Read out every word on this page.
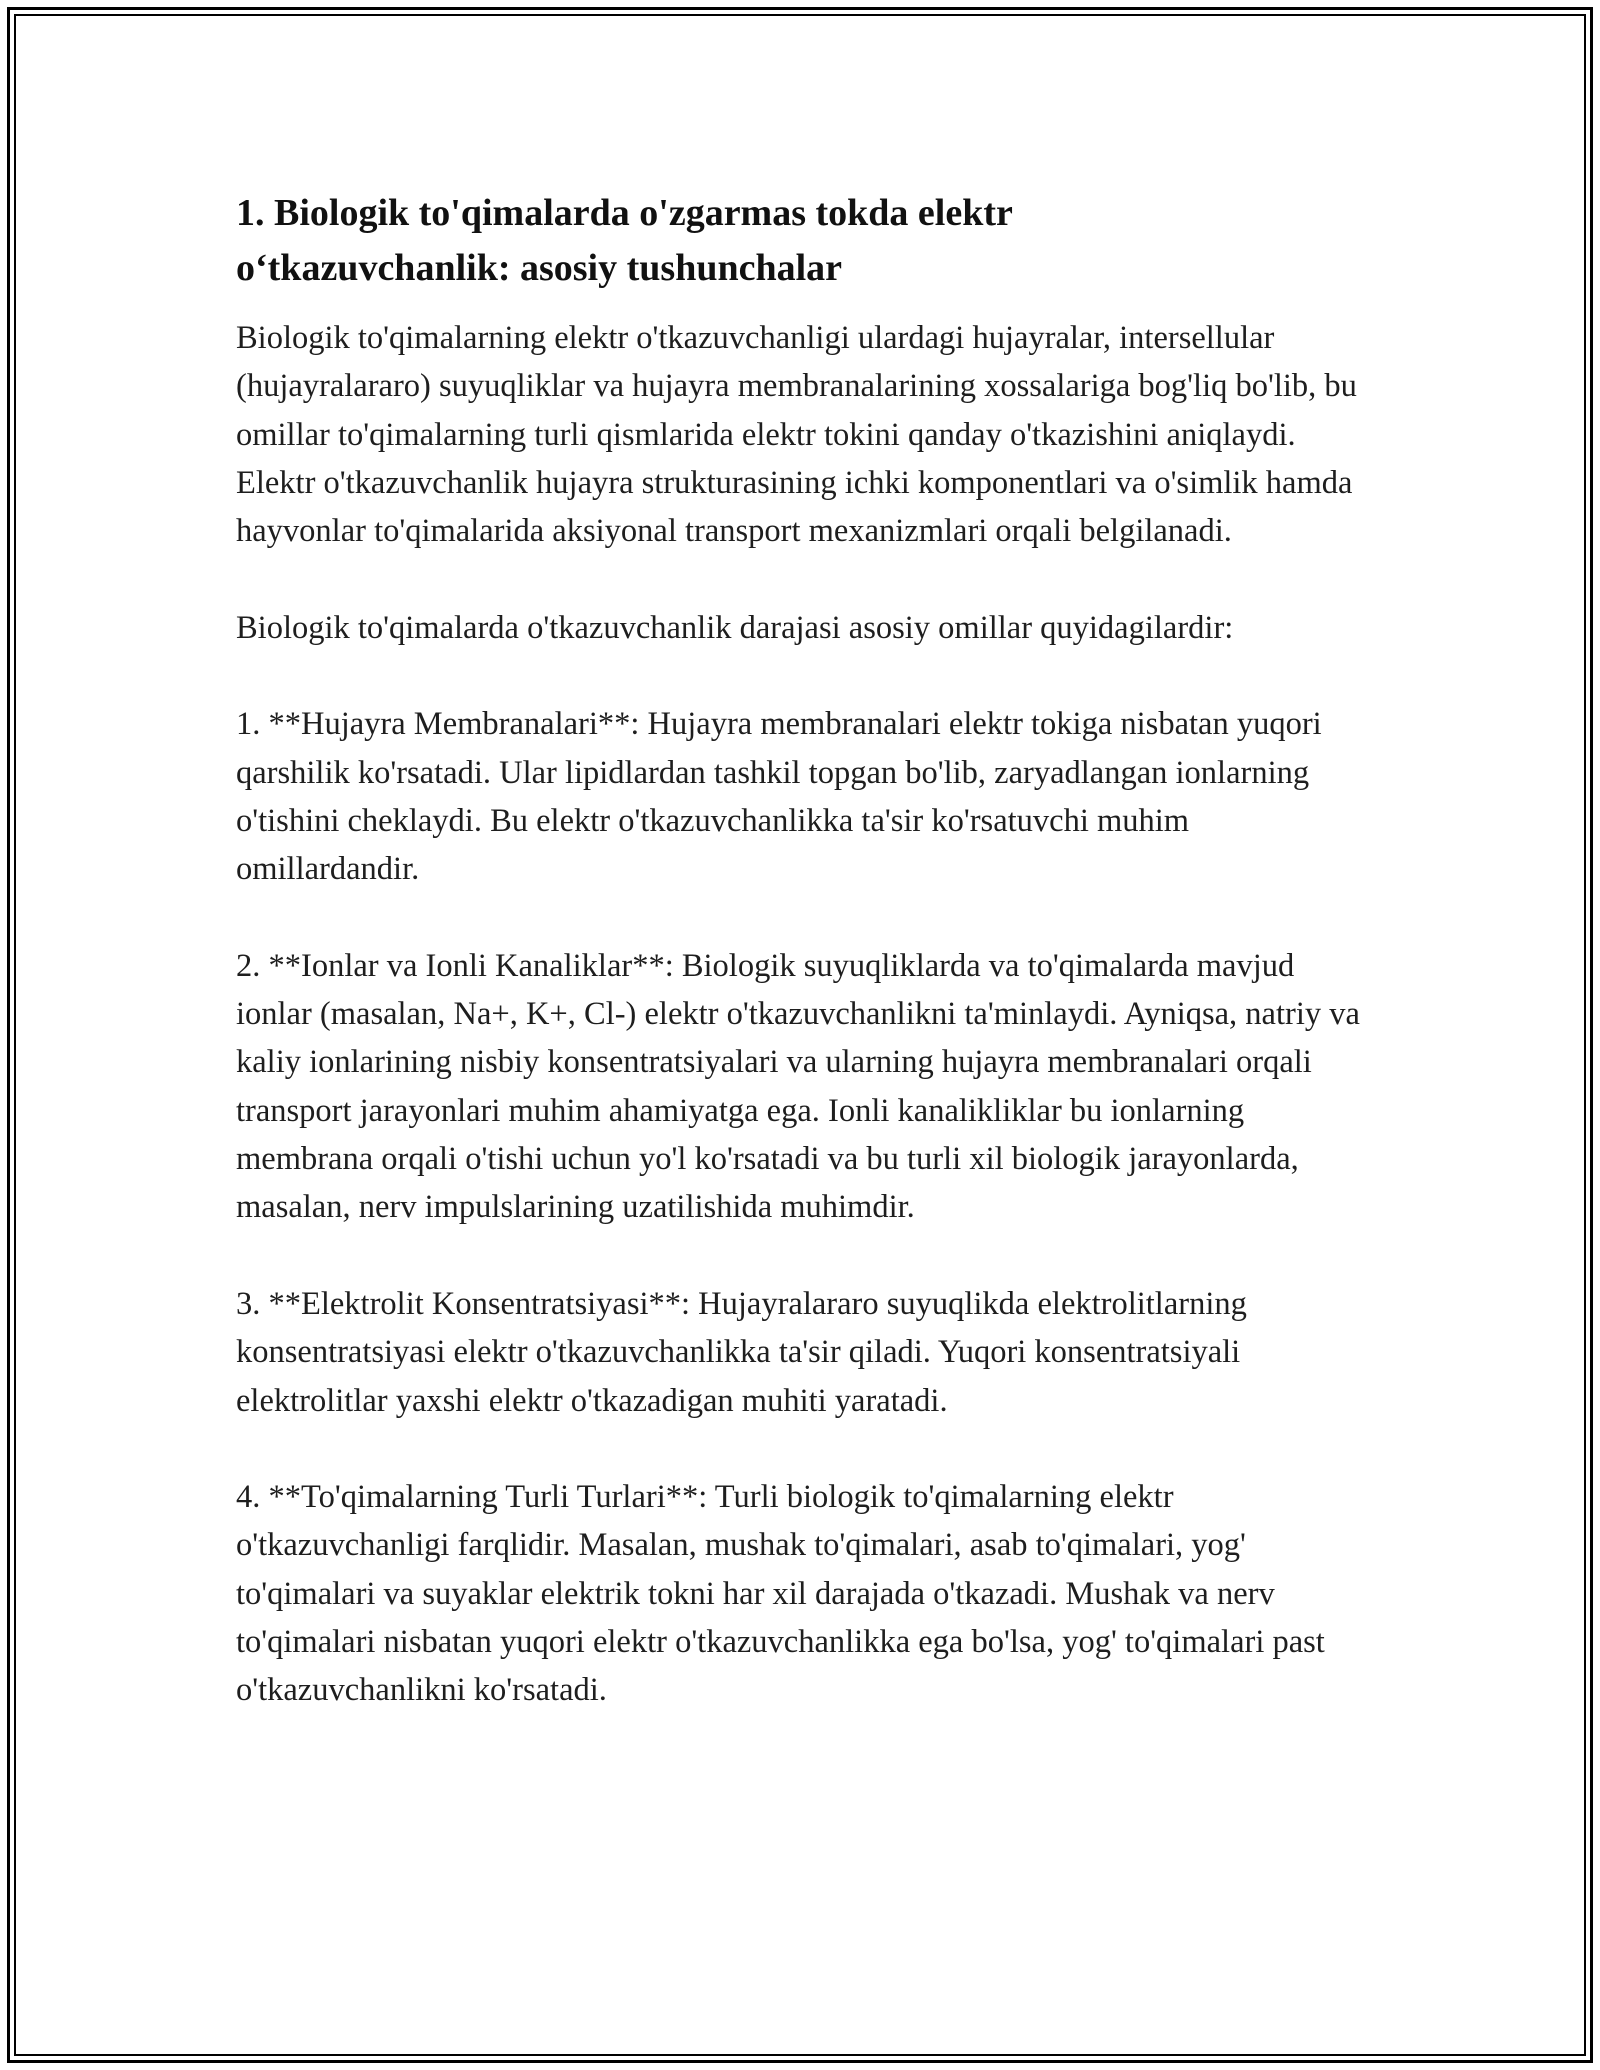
1. Biologik to'qimalarda o'zgarmas tokda elektr
o‘tkazuvchanlik: asosiy tushunchalar

Biologik to'qimalarning elektr o'tkazuvchanligi ulardagi hujayralar, intersellular (hujayralararo) suyuqliklar va hujayra membranalarining xossalariga bog'liq bo'lib, bu omillar to'qimalarning turli qismlarida elektr tokini qanday o'tkazishini aniqlaydi. Elektr o'tkazuvchanlik hujayra strukturasining ichki komponentlari va o'simlik hamda hayvonlar to'qimalarida aksiyonal transport mexanizmlari orqali belgilanadi.

Biologik to'qimalarda o'tkazuvchanlik darajasi asosiy omillar quyidagilardir:

1. **Hujayra Membranalari**: Hujayra membranalari elektr tokiga nisbatan yuqori qarshilik ko'rsatadi. Ular lipidlardan tashkil topgan bo'lib, zaryadlangan ionlarning o'tishini cheklaydi. Bu elektr o'tkazuvchanlikka ta'sir ko'rsatuvchi muhim omillardandir.

2. **Ionlar va Ionli Kanaliklar**: Biologik suyuqliklarda va to'qimalarda mavjud ionlar (masalan, Na+, K+, Cl-) elektr o'tkazuvchanlikni ta'minlaydi. Ayniqsa, natriy va kaliy ionlarining nisbiy konsentratsiyalari va ularning hujayra membranalari orqali transport jarayonlari muhim ahamiyatga ega. Ionli kanalikliklar bu ionlarning membrana orqali o'tishi uchun yo'l ko'rsatadi va bu turli xil biologik jarayonlarda, masalan, nerv impulslarining uzatilishida muhimdir.

3. **Elektrolit Konsentratsiyasi**: Hujayralararo suyuqlikda elektrolitlarning konsentratsiyasi elektr o'tkazuvchanlikka ta'sir qiladi. Yuqori konsentratsiyali elektrolitlar yaxshi elektr o'tkazadigan muhiti yaratadi.

4. **To'qimalarning Turli Turlari**: Turli biologik to'qimalarning elektr o'tkazuvchanligi farqlidir. Masalan, mushak to'qimalari, asab to'qimalari, yog' to'qimalari va suyaklar elektrik tokni har xil darajada o'tkazadi. Mushak va nerv to'qimalari nisbatan yuqori elektr o'tkazuvchanlikka ega bo'lsa, yog' to'qimalari past o'tkazuvchanlikni ko'rsatadi.
